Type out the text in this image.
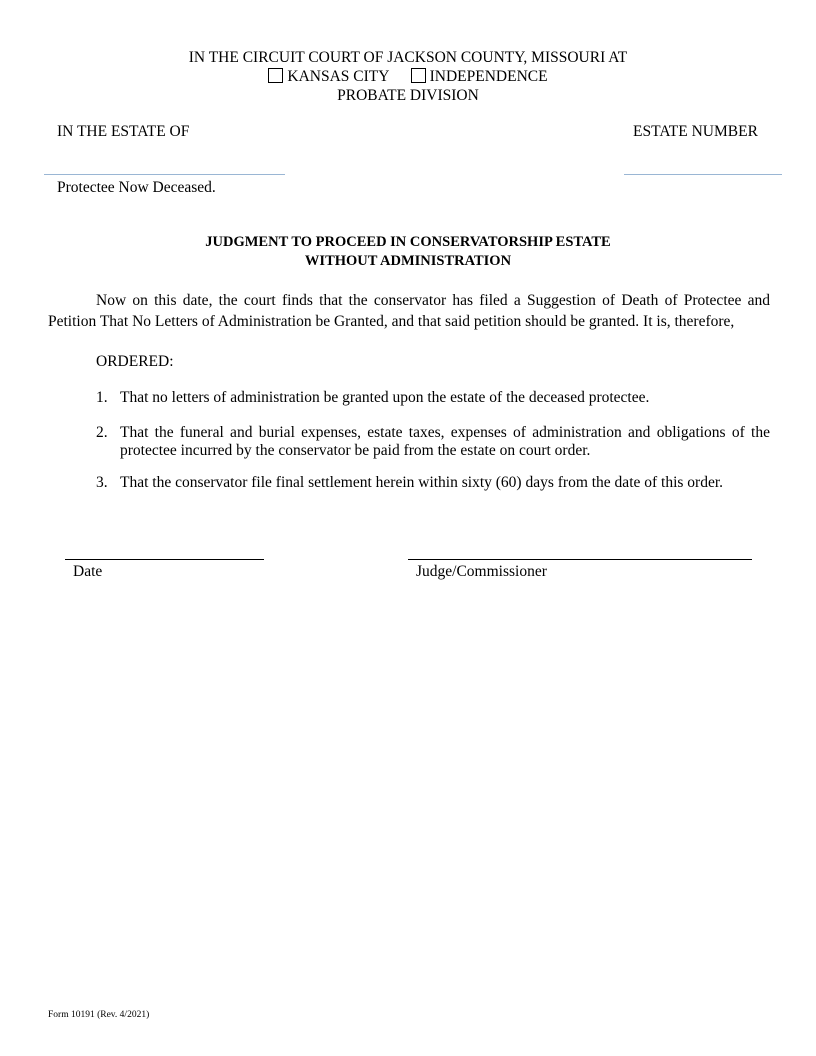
IN THE CIRCUIT COURT OF JACKSON COUNTY, MISSOURI AT
KANSAS CITY	INDEPENDENCE
PROBATE DIVISION
IN THE ESTATE OF	ESTATE NUMBER
Protectee Now Deceased.
JUDGMENT TO PROCEED IN CONSERVATORSHIP ESTATE
WITHOUT ADMINISTRATION
Now on this date, the court finds that the conservator has filed a Suggestion of Death of Protectee and Petition That No Letters of Administration be Granted, and that said petition should be granted. It is, therefore,
ORDERED:
1. That no letters of administration be granted upon the estate of the deceased protectee.
2. That the funeral and burial expenses, estate taxes, expenses of administration and obligations of the protectee incurred by the conservator be paid from the estate on court order.
3. That the conservator file final settlement herein within sixty (60) days from the date of this order.
Date	Judge/Commissioner
Form 10191 (Rev. 4/2021)
